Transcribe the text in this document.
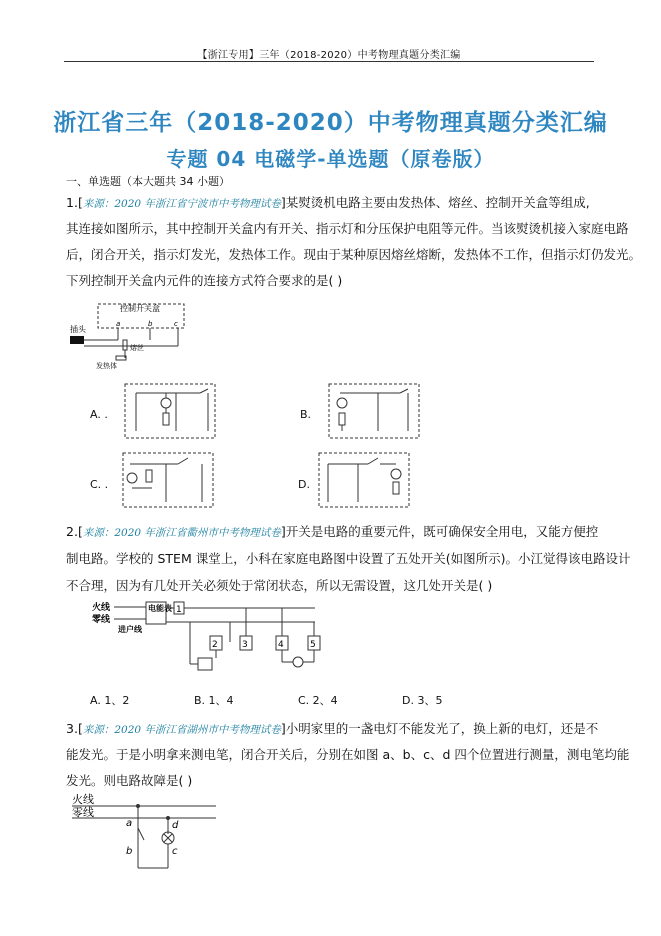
【浙江专用】三年（2018-2020）中考物理真题分类汇编
浙江省三年（2018-2020）中考物理真题分类汇编
专题 04 电磁学-单选题（原卷版）
一、单选题（本大题共 34 小题）
1.[来源：2020 年浙江省宁波市中考物理试卷]某熨烫机电路主要由发热体、熔丝、控制开关盒等组成,
其连接如图所示，其中控制开关盒内有开关、指示灯和分压保护电阻等元件。当该熨烫机接入家庭电路
后，闭合开关，指示灯发光，发热体工作。现由于某种原因熔丝熔断，发热体不工作，但指示灯仍发光。
下列控制开关盒内元件的连接方式符合要求的是( )
控制开关盒
a	b	c
插头
熔丝
发热体
A. .	B.
C. .	D.
2.[来源：2020 年浙江省衢州市中考物理试卷]开关是电路的重要元件，既可确保安全用电，又能方便控
制电路。学校的 STEM 课堂上，小科在家庭电路图中设置了五处开关(如图所示)。小江觉得该电路设计
不合理，因为有几处开关必须处于常闭状态，所以无需设置，这几处开关是( )
火线
零线
电能表
进户线
1
2	3	4	5
A. 1、2	B. 1、4	C. 2、4	D. 3、5
3.[来源：2020 年浙江省湖州市中考物理试卷]小明家里的一盏电灯不能发光了，换上新的电灯，还是不
能发光。于是小明拿来测电笔，闭合开关后，分别在如图 a、b、c、d 四个位置进行测量，测电笔均能
发光。则电路故障是( )
火线
零线
a
b	c
d
